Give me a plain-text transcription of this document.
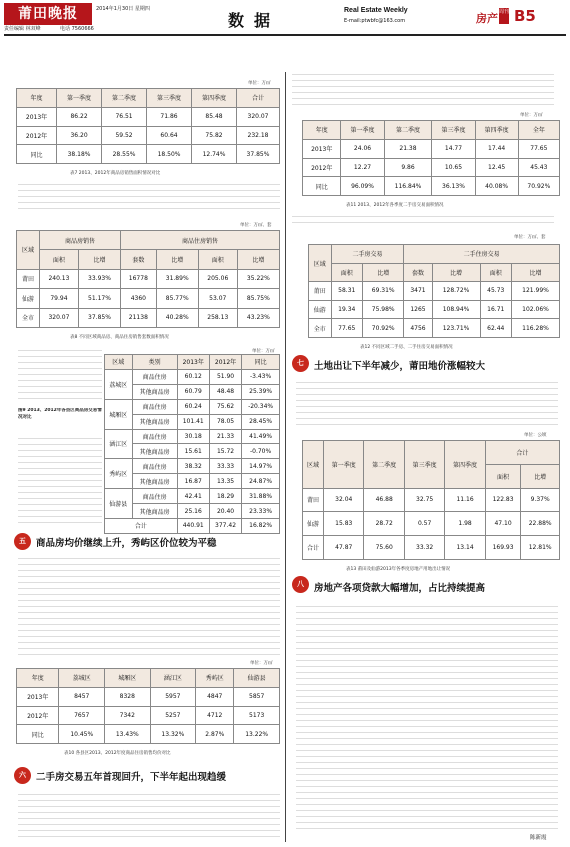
莆田晚报	2014年1月30日 星期四
责任编辑 林双峰	电话 7560666	数据
Real Estate Weekly
E-mail:ptwbfc@163.com	房产 周刊 B5
单位：万㎡
年度	第一季度	第二季度	第三季度	第四季度	合计
2013年	86.22	76.51	71.86	85.48	320.07
2012年	36.20	59.52	60.64	75.82	232.18
同比	38.18%	28.55%	18.50%	12.74%	37.85%
表7 2013、2012年商品房销售面积情况对比
单位：万㎡、套
区域	商品房销售		商品住房销售			
	面积	比增	套数	比增	面积	比增
莆田	240.13	33.93%	16778	31.89%	205.06	35.22%
仙游	79.94	51.17%	4360	85.77%	53.07	85.75%
全市	320.07	37.85%	21138	40.28%	258.13	43.23%
表8 不同区域商品房、商品住房销售套数面积情况
图9 2013、2012年各县区商品房交易情况对比
单位：万㎡
区域	类别	2013年	2012年	同比
荔城区	商品住房	60.12	51.90	-3.43%
	其他商品房	60.79	48.48	25.39%
城厢区	商品住房	60.24	75.62	-20.34%
	其他商品房	101.41	78.05	28.45%
涵江区	商品住房	30.18	21.33	41.49%
	其他商品房	15.61	15.72	-0.70%
秀屿区	商品住房	38.32	33.33	14.97%
	其他商品房	16.87	13.35	24.87%
仙游县	商品住房	42.41	18.29	31.88%
	其他商品房	25.16	20.40	23.33%
合计		440.91	377.42	16.82%
五	商品房均价继续上升，秀屿区价位较为平稳
单位：万㎡
年度	荔城区	城厢区	涵江区	秀屿区	仙游县
2013年	8457	8328	5957	4847	5857
2012年	7657	7342	5257	4712	5173
同比	10.45%	13.43%	13.32%	2.87%	13.22%
表10 各县区2013、2012年度商品住房销售均价对比
六	二手房交易五年首现回升，下半年起出现趋缓
单位：万㎡
年度	第一季度	第二季度	第三季度	第四季度	全年
2013年	24.06	21.38	14.77	17.44	77.65
2012年	12.27	9.86	10.65	12.45	45.43
同比	96.09%	116.84%	36.13%	40.08%	70.92%
表11 2013、2012年各季度二手房交易面积情况
单位：万㎡、套
区域	二手房交易		二手住房交易			
	面积	比增	套数	比增	面积	比增
莆田	58.31	69.31%	3471	128.72%	45.73	121.99%
仙游	19.34	75.98%	1265	108.94%	16.71	102.06%
全市	77.65	70.92%	4756	123.71%	62.44	116.28%
表12 不同区域二手房、二手住房交易面积情况
七	土地出让下半年减少，莆田地价涨幅较大
单位：公顷
区域	第一季度	第二季度	第三季度	第四季度	合计	
					面积	比增
莆田	32.04	46.88	32.75	11.16	122.83	9.37%
仙游	15.83	28.72	0.57	1.98	47.10	22.88%
合计	47.87	75.60	33.32	13.14	169.93	12.81%
表13 莆田及仙游2013年各季度房地产用地出让情况
八	房地产各项贷款大幅增加，占比持续提高
陈新霞
